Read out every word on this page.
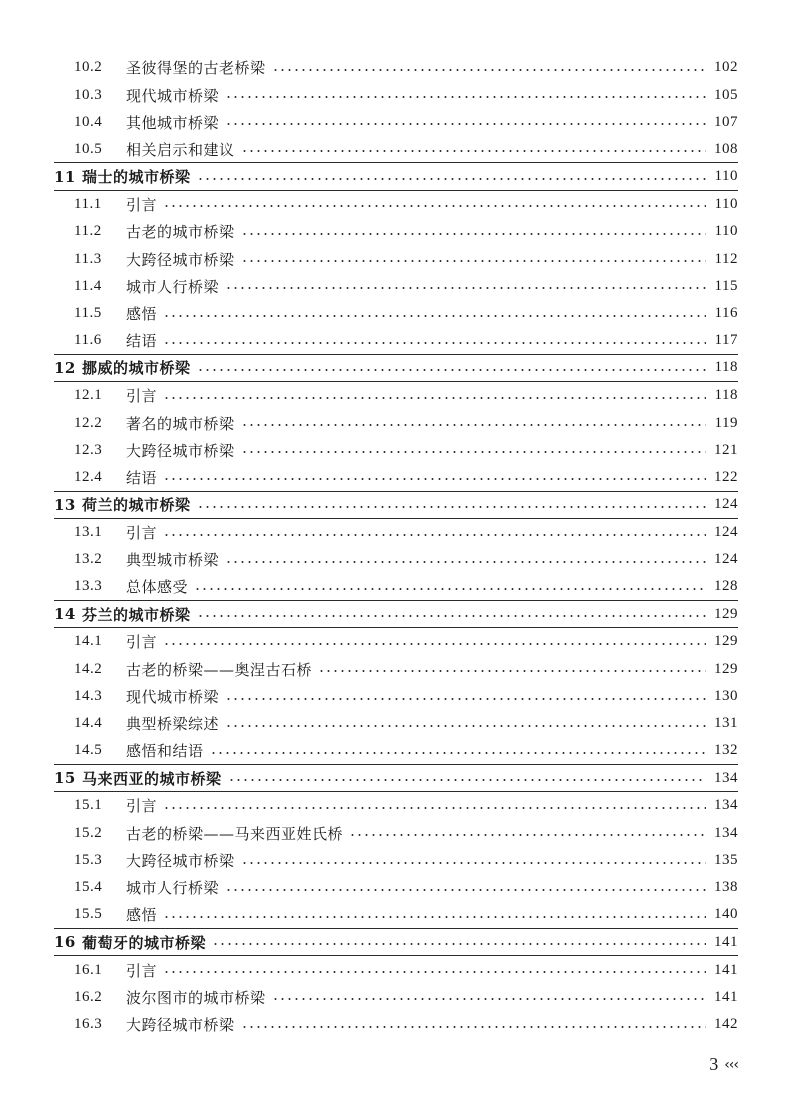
10.2	圣彼得堡的古老桥梁	102
10.3	现代城市桥梁	105
10.4	其他城市桥梁	107
10.5	相关启示和建议	108
11 瑞士的城市桥梁	110
11.1	引言	110
11.2	古老的城市桥梁	110
11.3	大跨径城市桥梁	112
11.4	城市人行桥梁	115
11.5	感悟	116
11.6	结语	117
12 挪威的城市桥梁	118
12.1	引言	118
12.2	著名的城市桥梁	119
12.3	大跨径城市桥梁	121
12.4	结语	122
13 荷兰的城市桥梁	124
13.1	引言	124
13.2	典型城市桥梁	124
13.3	总体感受	128
14 芬兰的城市桥梁	129
14.1	引言	129
14.2	古老的桥梁——奥涅古石桥	129
14.3	现代城市桥梁	130
14.4	典型桥梁综述	131
14.5	感悟和结语	132
15 马来西亚的城市桥梁	134
15.1	引言	134
15.2	古老的桥梁——马来西亚姓氏桥	134
15.3	大跨径城市桥梁	135
15.4	城市人行桥梁	138
15.5	感悟	140
16 葡萄牙的城市桥梁	141
16.1	引言	141
16.2	波尔图市的城市桥梁	141
16.3	大跨径城市桥梁	142
3 ‹‹‹
